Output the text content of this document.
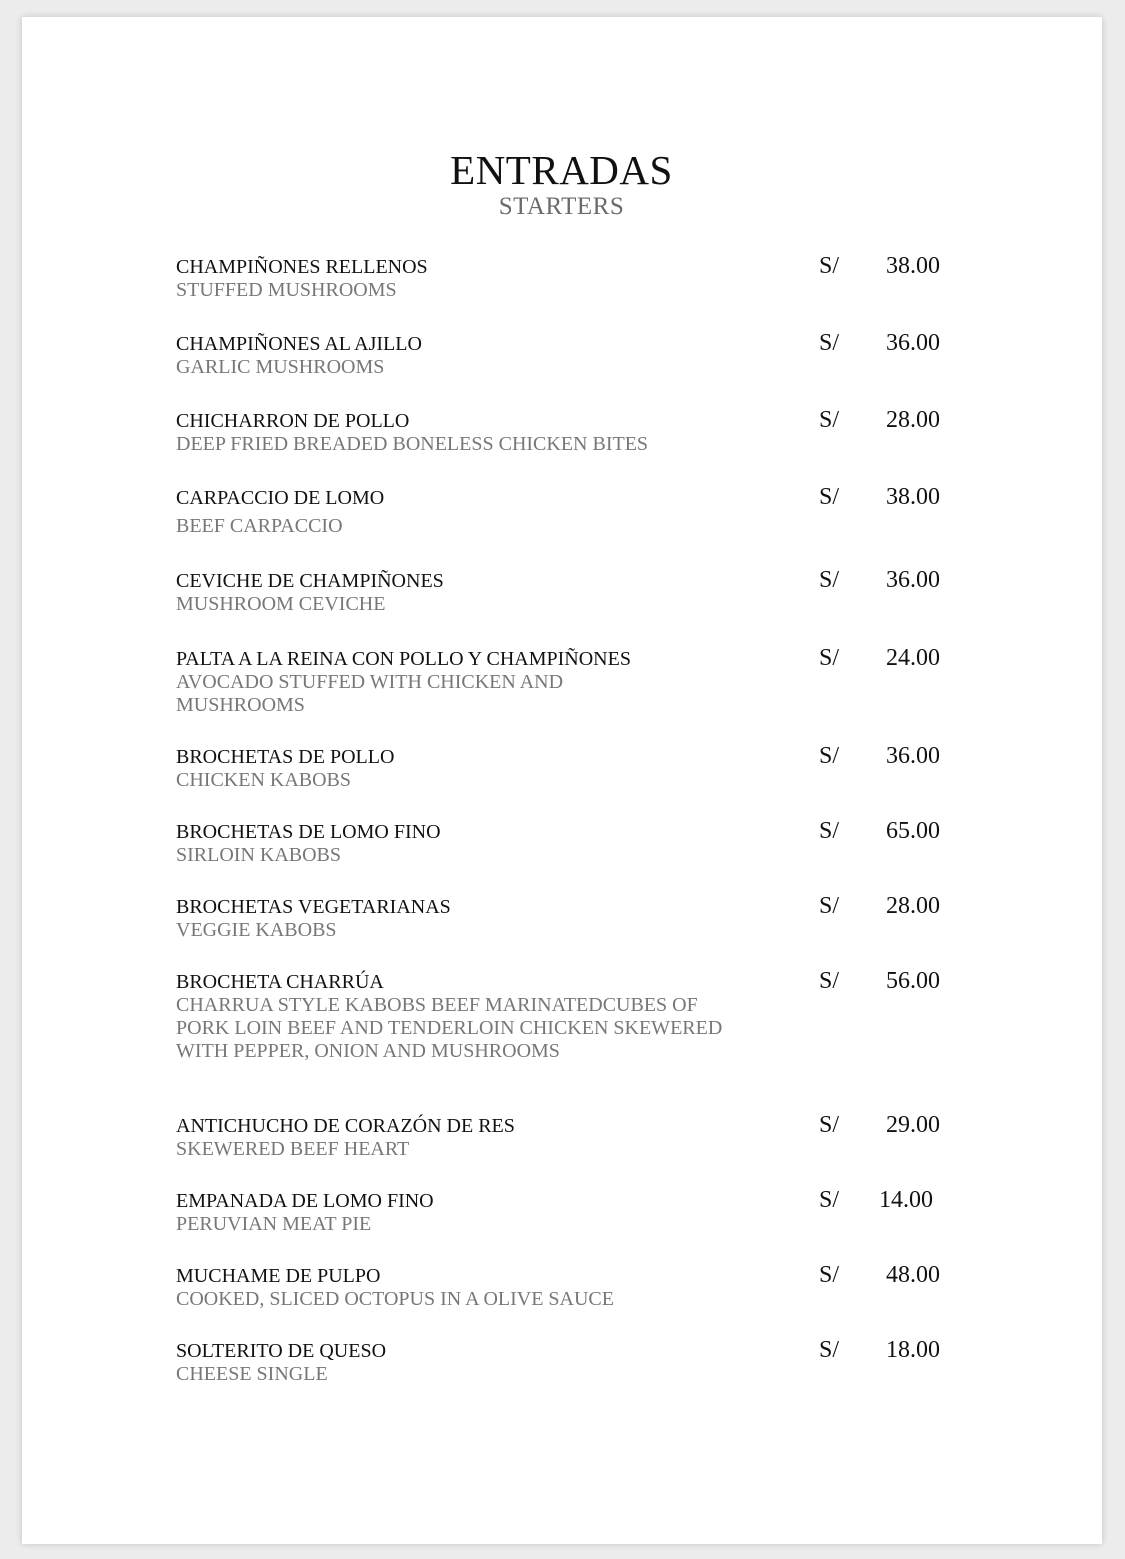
ENTRADAS
STARTERS
CHAMPIÑONES RELLENOS
STUFFED MUSHROOMS
S/ 38.00
CHAMPIÑONES AL AJILLO
GARLIC MUSHROOMS
S/ 36.00
CHICHARRON DE POLLO
DEEP FRIED BREADED BONELESS CHICKEN BITES
S/ 28.00
CARPACCIO DE LOMO
BEEF CARPACCIO
S/ 38.00
CEVICHE DE CHAMPIÑONES
MUSHROOM CEVICHE
S/ 36.00
PALTA A LA REINA CON POLLO Y CHAMPIÑONES
AVOCADO STUFFED WITH CHICKEN AND MUSHROOMS
S/ 24.00
BROCHETAS DE POLLO
CHICKEN KABOBS
S/ 36.00
BROCHETAS DE LOMO FINO
SIRLOIN KABOBS
S/ 65.00
BROCHETAS VEGETARIANAS
VEGGIE KABOBS
S/ 28.00
BROCHETA CHARRÚA
CHARRUA STYLE KABOBS BEEF MARINATEDCUBES OF PORK LOIN BEEF AND TENDERLOIN CHICKEN SKEWERED WITH PEPPER, ONION AND MUSHROOMS
S/ 56.00
ANTICHUCHO DE CORAZÓN DE RES
SKEWERED BEEF HEART
S/ 29.00
EMPANADA DE LOMO FINO
PERUVIAN MEAT PIE
S/ 14.00
MUCHAME DE PULPO
COOKED, SLICED OCTOPUS IN A OLIVE SAUCE
S/ 48.00
SOLTERITO DE QUESO
CHEESE SINGLE
S/ 18.00
